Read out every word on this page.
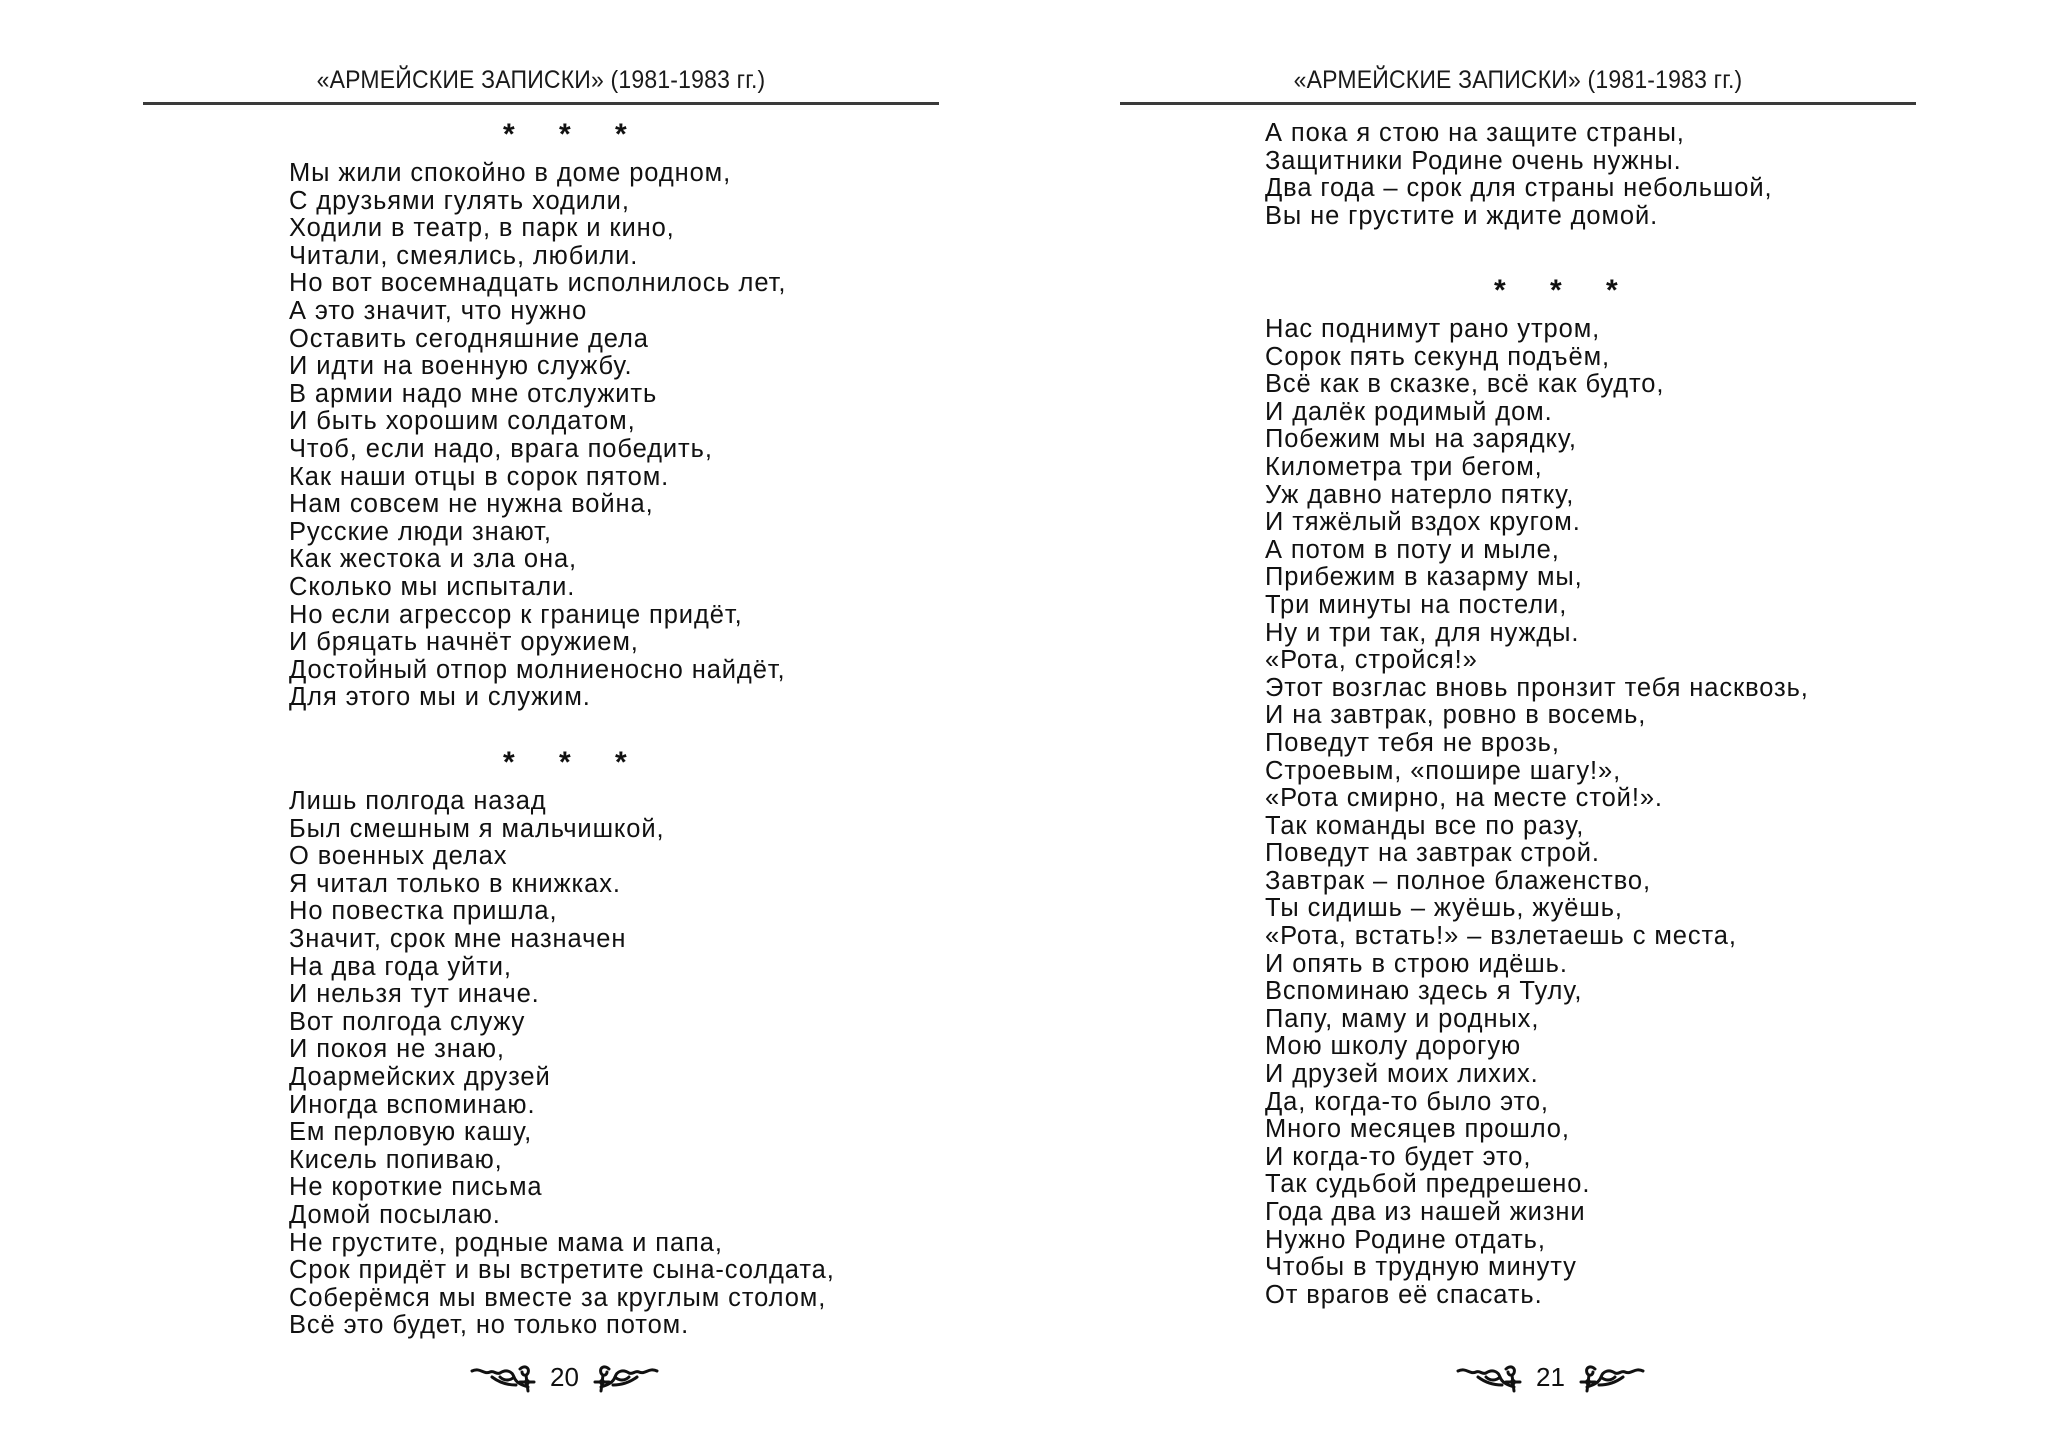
«АРМЕЙСКИЕ ЗАПИСКИ» (1981-1983 гг.)
* * *
Мы жили спокойно в доме родном,
С друзьями гулять ходили,
Ходили в театр, в парк и кино,
Читали, смеялись, любили.
Но вот восемнадцать исполнилось лет,
А это значит, что нужно
Оставить сегодняшние дела
И идти на военную службу.
В армии надо мне отслужить
И быть хорошим солдатом,
Чтоб, если надо, врага победить,
Как наши отцы в сорок пятом.
Нам совсем не нужна война,
Русские люди знают,
Как жестока и зла она,
Сколько мы испытали.
Но если агрессор к границе придёт,
И бряцать начнёт оружием,
Достойный отпор молниеносно найдёт,
Для этого мы и служим.
* * *
Лишь полгода назад
Был смешным я мальчишкой,
О военных делах
Я читал только в книжках.
Но повестка пришла,
Значит, срок мне назначен
На два года уйти,
И нельзя тут иначе.
Вот полгода служу
И покоя не знаю,
Доармейских друзей
Иногда вспоминаю.
Ем перловую кашу,
Кисель попиваю,
Не короткие письма
Домой посылаю.
Не грустите, родные мама и папа,
Срок придёт и вы встретите сына-солдата,
Соберёмся мы вместе за круглым столом,
Всё это будет, но только потом.
20
«АРМЕЙСКИЕ ЗАПИСКИ» (1981-1983 гг.)
А пока я стою на защите страны,
Защитники Родине очень нужны.
Два года – срок для страны небольшой,
Вы не грустите и ждите домой.
* * *
Нас поднимут рано утром,
Сорок пять секунд подъём,
Всё как в сказке, всё как будто,
И далёк родимый дом.
Побежим мы на зарядку,
Километра три бегом,
Уж давно натерло пятку,
И тяжёлый вздох кругом.
А потом в поту и мыле,
Прибежим в казарму мы,
Три минуты на постели,
Ну и три так, для нужды.
«Рота, стройся!»
Этот возглас вновь пронзит тебя насквозь,
И на завтрак, ровно в восемь,
Поведут тебя не врозь,
Строевым, «пошире шагу!»,
«Рота смирно, на месте стой!».
Так команды все по разу,
Поведут на завтрак строй.
Завтрак – полное блаженство,
Ты сидишь – жуёшь, жуёшь,
«Рота, встать!» – взлетаешь с места,
И опять в строю идёшь.
Вспоминаю здесь я Тулу,
Папу, маму и родных,
Мою школу дорогую
И друзей моих лихих.
Да, когда-то было это,
Много месяцев прошло,
И когда-то будет это,
Так судьбой предрешено.
Года два из нашей жизни
Нужно Родине отдать,
Чтобы в трудную минуту
От врагов её спасать.
21
